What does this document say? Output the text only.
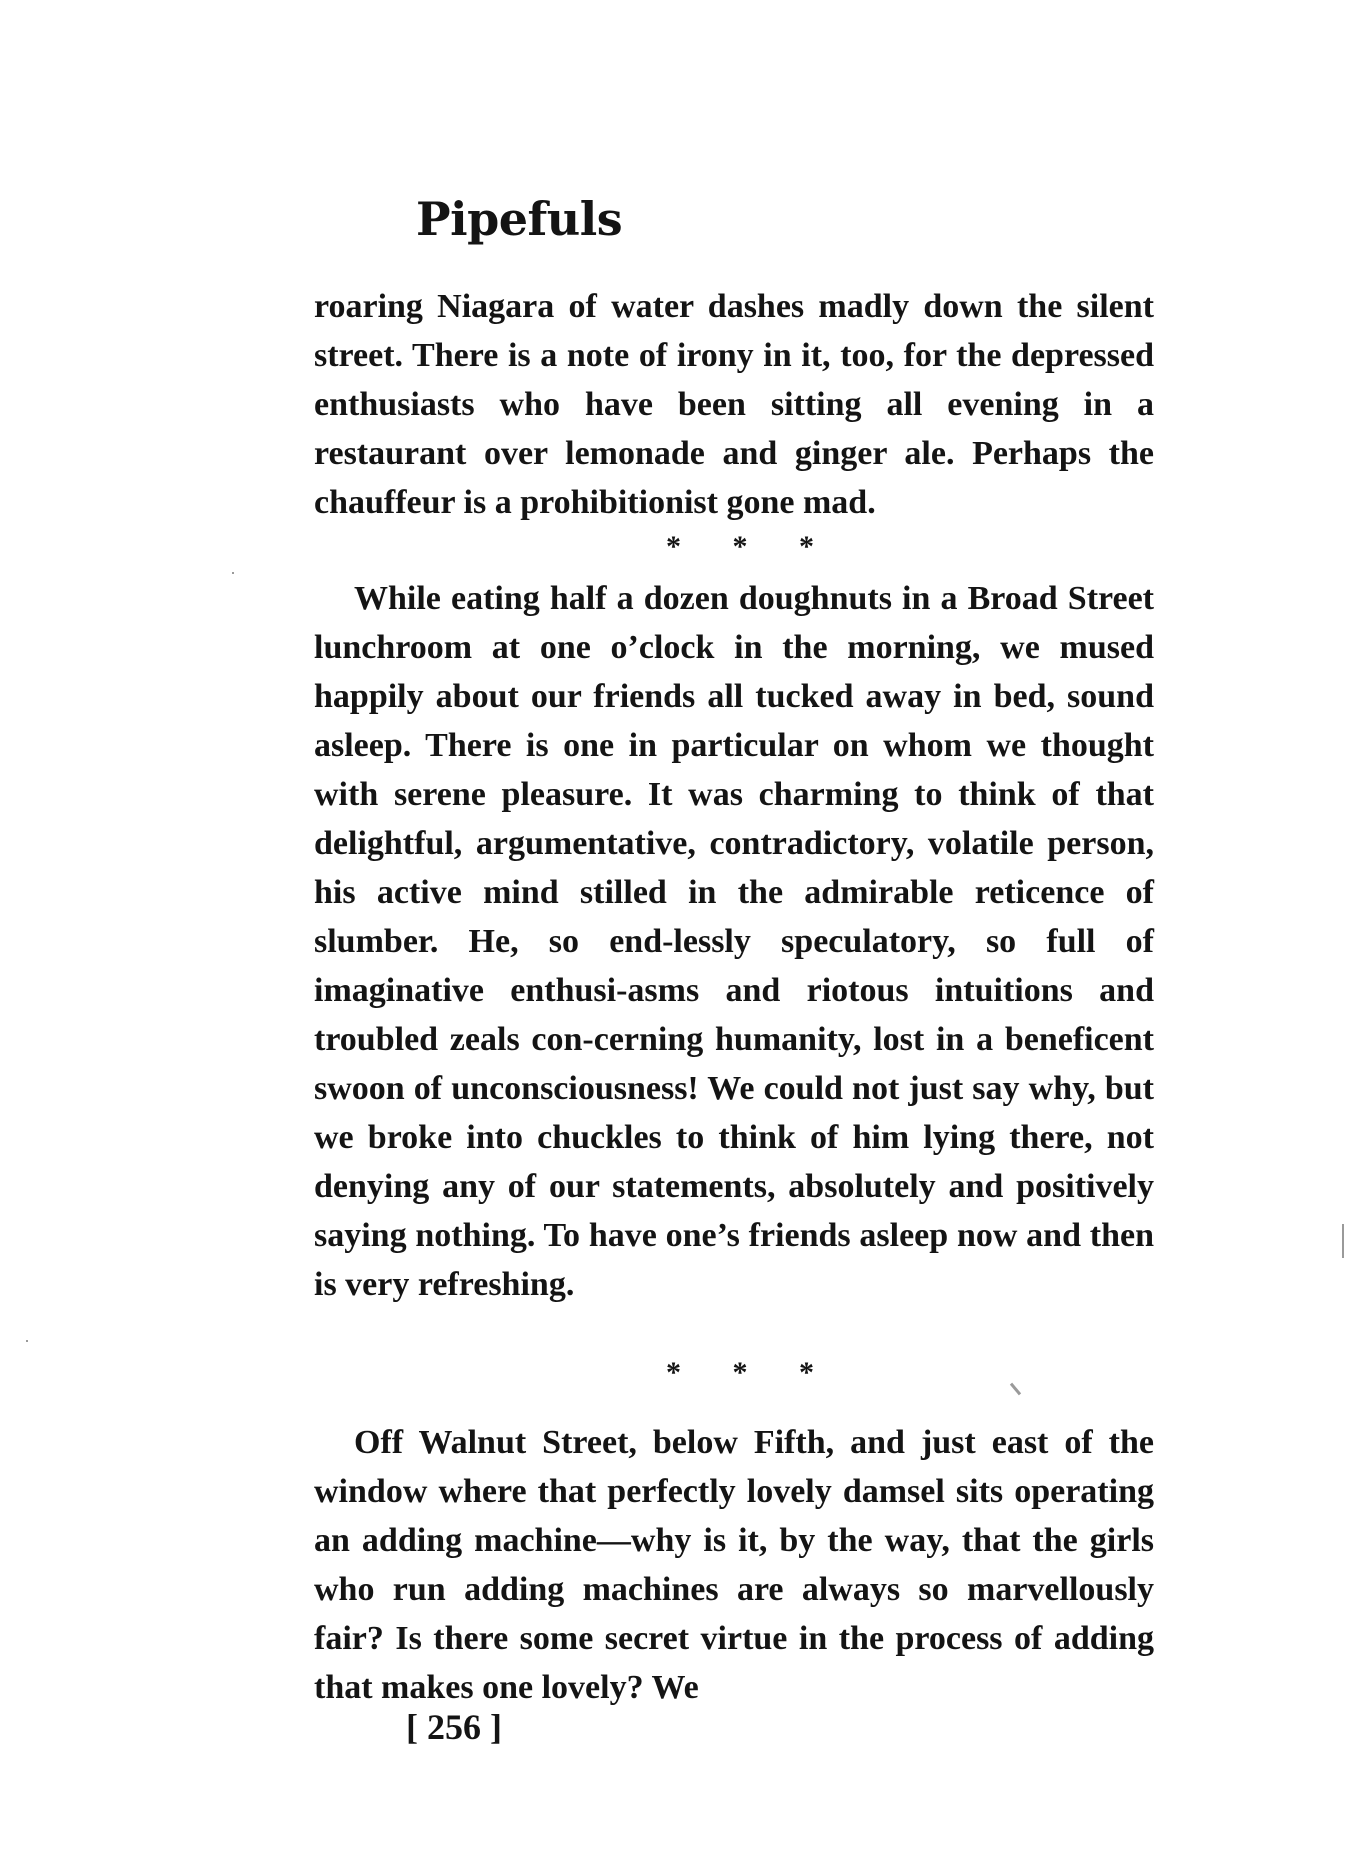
Pipefuls

roaring Niagara of water dashes madly down the silent street. There is a note of irony in it, too, for the depressed enthusiasts who have been sitting all evening in a restaurant over lemonade and ginger ale. Perhaps the chauffeur is a prohibitionist gone mad.

* * *

While eating half a dozen doughnuts in a Broad Street lunchroom at one o’clock in the morning, we mused happily about our friends all tucked away in bed, sound asleep. There is one in particular on whom we thought with serene pleasure. It was charming to think of that delightful, argumentative, contradictory, volatile person, his active mind stilled in the admirable reticence of slumber. He, so end-lessly speculatory, so full of imaginative enthusi-asms and riotous intuitions and troubled zeals con-cerning humanity, lost in a beneficent swoon of unconsciousness! We could not just say why, but we broke into chuckles to think of him lying there, not denying any of our statements, absolutely and positively saying nothing. To have one’s friends asleep now and then is very refreshing.

* * *

Off Walnut Street, below Fifth, and just east of the window where that perfectly lovely damsel sits operating an adding machine—why is it, by the way, that the girls who run adding machines are always so marvellously fair? Is there some secret virtue in the process of adding that makes one lovely? We

[ 256 ]
